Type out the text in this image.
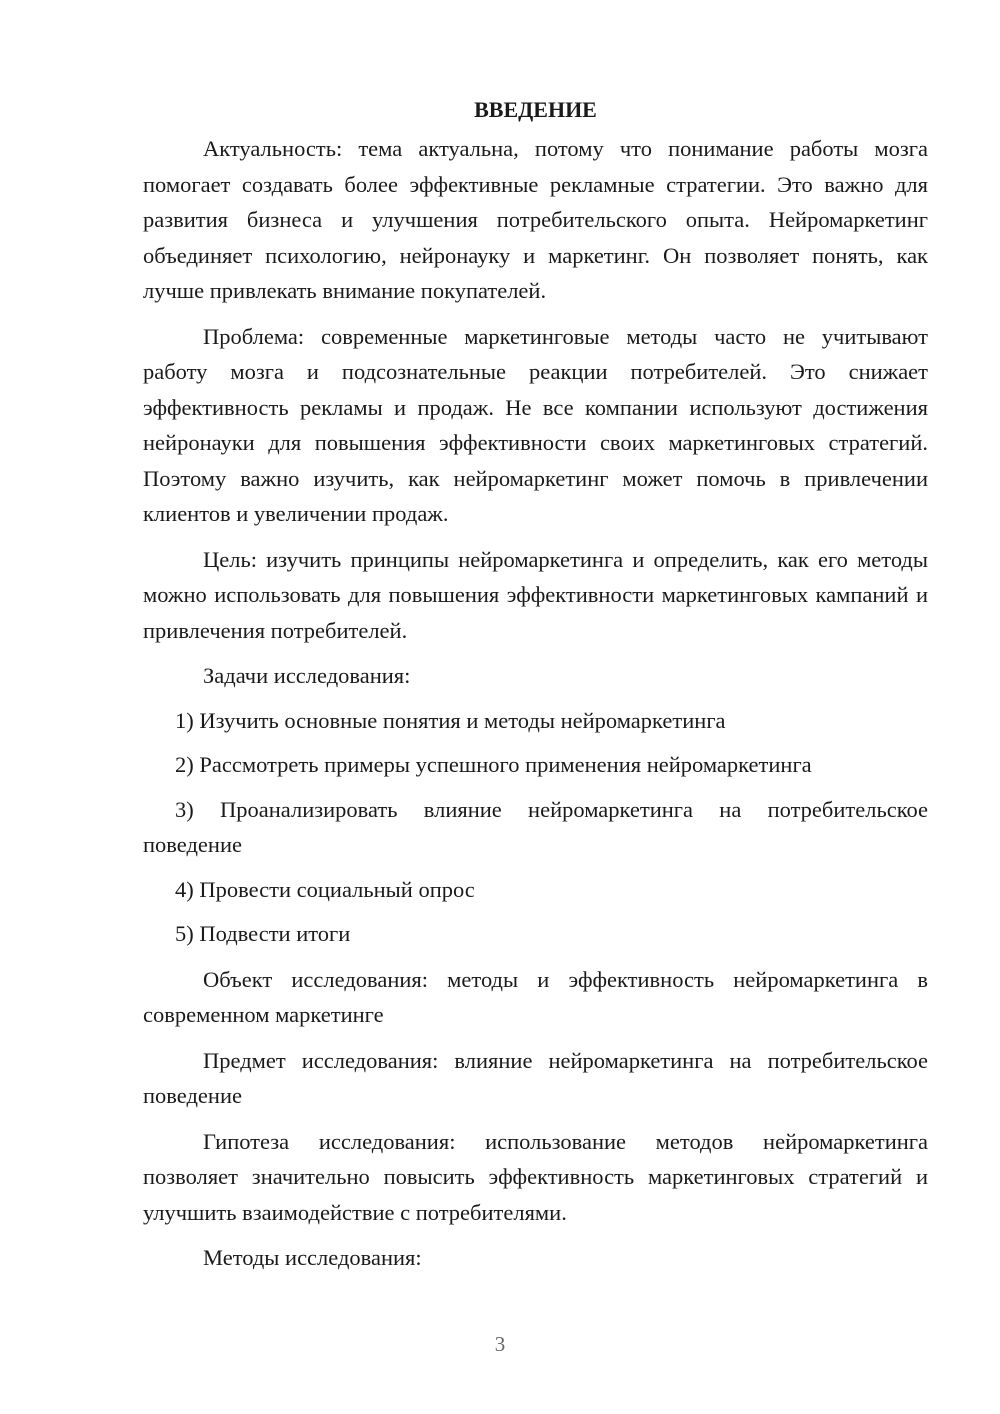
ВВЕДЕНИЕ

Актуальность: тема актуальна, потому что понимание работы мозга помогает создавать более эффективные рекламные стратегии. Это важно для развития бизнеса и улучшения потребительского опыта. Нейромаркетинг объединяет психологию, нейронауку и маркетинг. Он позволяет понять, как лучше привлекать внимание покупателей.

Проблема: современные маркетинговые методы часто не учитывают работу мозга и подсознательные реакции потребителей. Это снижает эффективность рекламы и продаж. Не все компании используют достижения нейронауки для повышения эффективности своих маркетинговых стратегий. Поэтому важно изучить, как нейромаркетинг может помочь в привлечении клиентов и увеличении продаж.

Цель: изучить принципы нейромаркетинга и определить, как его методы можно использовать для повышения эффективности маркетинговых кампаний и привлечения потребителей.

Задачи исследования:

1) Изучить основные понятия и методы нейромаркетинга

2) Рассмотреть примеры успешного применения нейромаркетинга

3) Проанализировать влияние нейромаркетинга на потребительское поведение

4) Провести социальный опрос

5) Подвести итоги

Объект исследования: методы и эффективность нейромаркетинга в современном маркетинге

Предмет исследования: влияние нейромаркетинга на потребительское поведение

Гипотеза исследования: использование методов нейромаркетинга позволяет значительно повысить эффективность маркетинговых стратегий и улучшить взаимодействие с потребителями.

Методы исследования:

3
